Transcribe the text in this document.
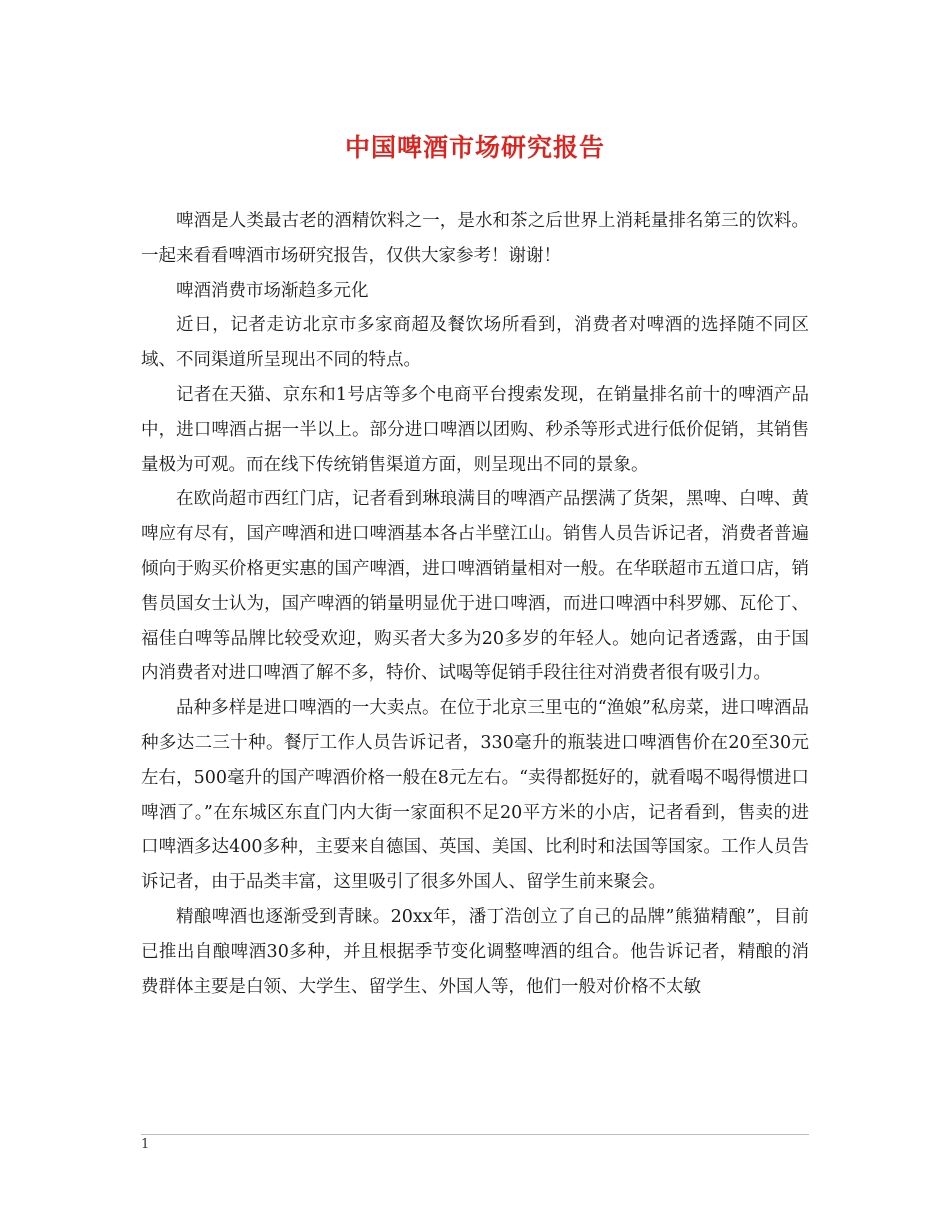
中国啤酒市场研究报告

啤酒是人类最古老的酒精饮料之一，是水和茶之后世界上消耗量排名第三的饮料。一起来看看啤酒市场研究报告，仅供大家参考！谢谢！

啤酒消费市场渐趋多元化

近日，记者走访北京市多家商超及餐饮场所看到，消费者对啤酒的选择随不同区域、不同渠道所呈现出不同的特点。

记者在天猫、京东和1号店等多个电商平台搜索发现，在销量排名前十的啤酒产品中，进口啤酒占据一半以上。部分进口啤酒以团购、秒杀等形式进行低价促销，其销售量极为可观。而在线下传统销售渠道方面，则呈现出不同的景象。

在欧尚超市西红门店，记者看到琳琅满目的啤酒产品摆满了货架，黑啤、白啤、黄啤应有尽有，国产啤酒和进口啤酒基本各占半壁江山。销售人员告诉记者，消费者普遍倾向于购买价格更实惠的国产啤酒，进口啤酒销量相对一般。在华联超市五道口店，销售员国女士认为，国产啤酒的销量明显优于进口啤酒，而进口啤酒中科罗娜、瓦伦丁、福佳白啤等品牌比较受欢迎，购买者大多为20多岁的年轻人。她向记者透露，由于国内消费者对进口啤酒了解不多，特价、试喝等促销手段往往对消费者很有吸引力。

品种多样是进口啤酒的一大卖点。在位于北京三里屯的“渔娘”私房菜，进口啤酒品种多达二三十种。餐厅工作人员告诉记者，330毫升的瓶装进口啤酒售价在20至30元左右，500毫升的国产啤酒价格一般在8元左右。“卖得都挺好的，就看喝不喝得惯进口啤酒了。”在东城区东直门内大街一家面积不足20平方米的小店，记者看到，售卖的进口啤酒多达400多种，主要来自德国、英国、美国、比利时和法国等国家。工作人员告诉记者，由于品类丰富，这里吸引了很多外国人、留学生前来聚会。

精酿啤酒也逐渐受到青睐。20xx年，潘丁浩创立了自己的品牌”熊猫精酿”，目前已推出自酿啤酒30多种，并且根据季节变化调整啤酒的组合。他告诉记者，精酿的消费群体主要是白领、大学生、留学生、外国人等，他们一般对价格不太敏

1
